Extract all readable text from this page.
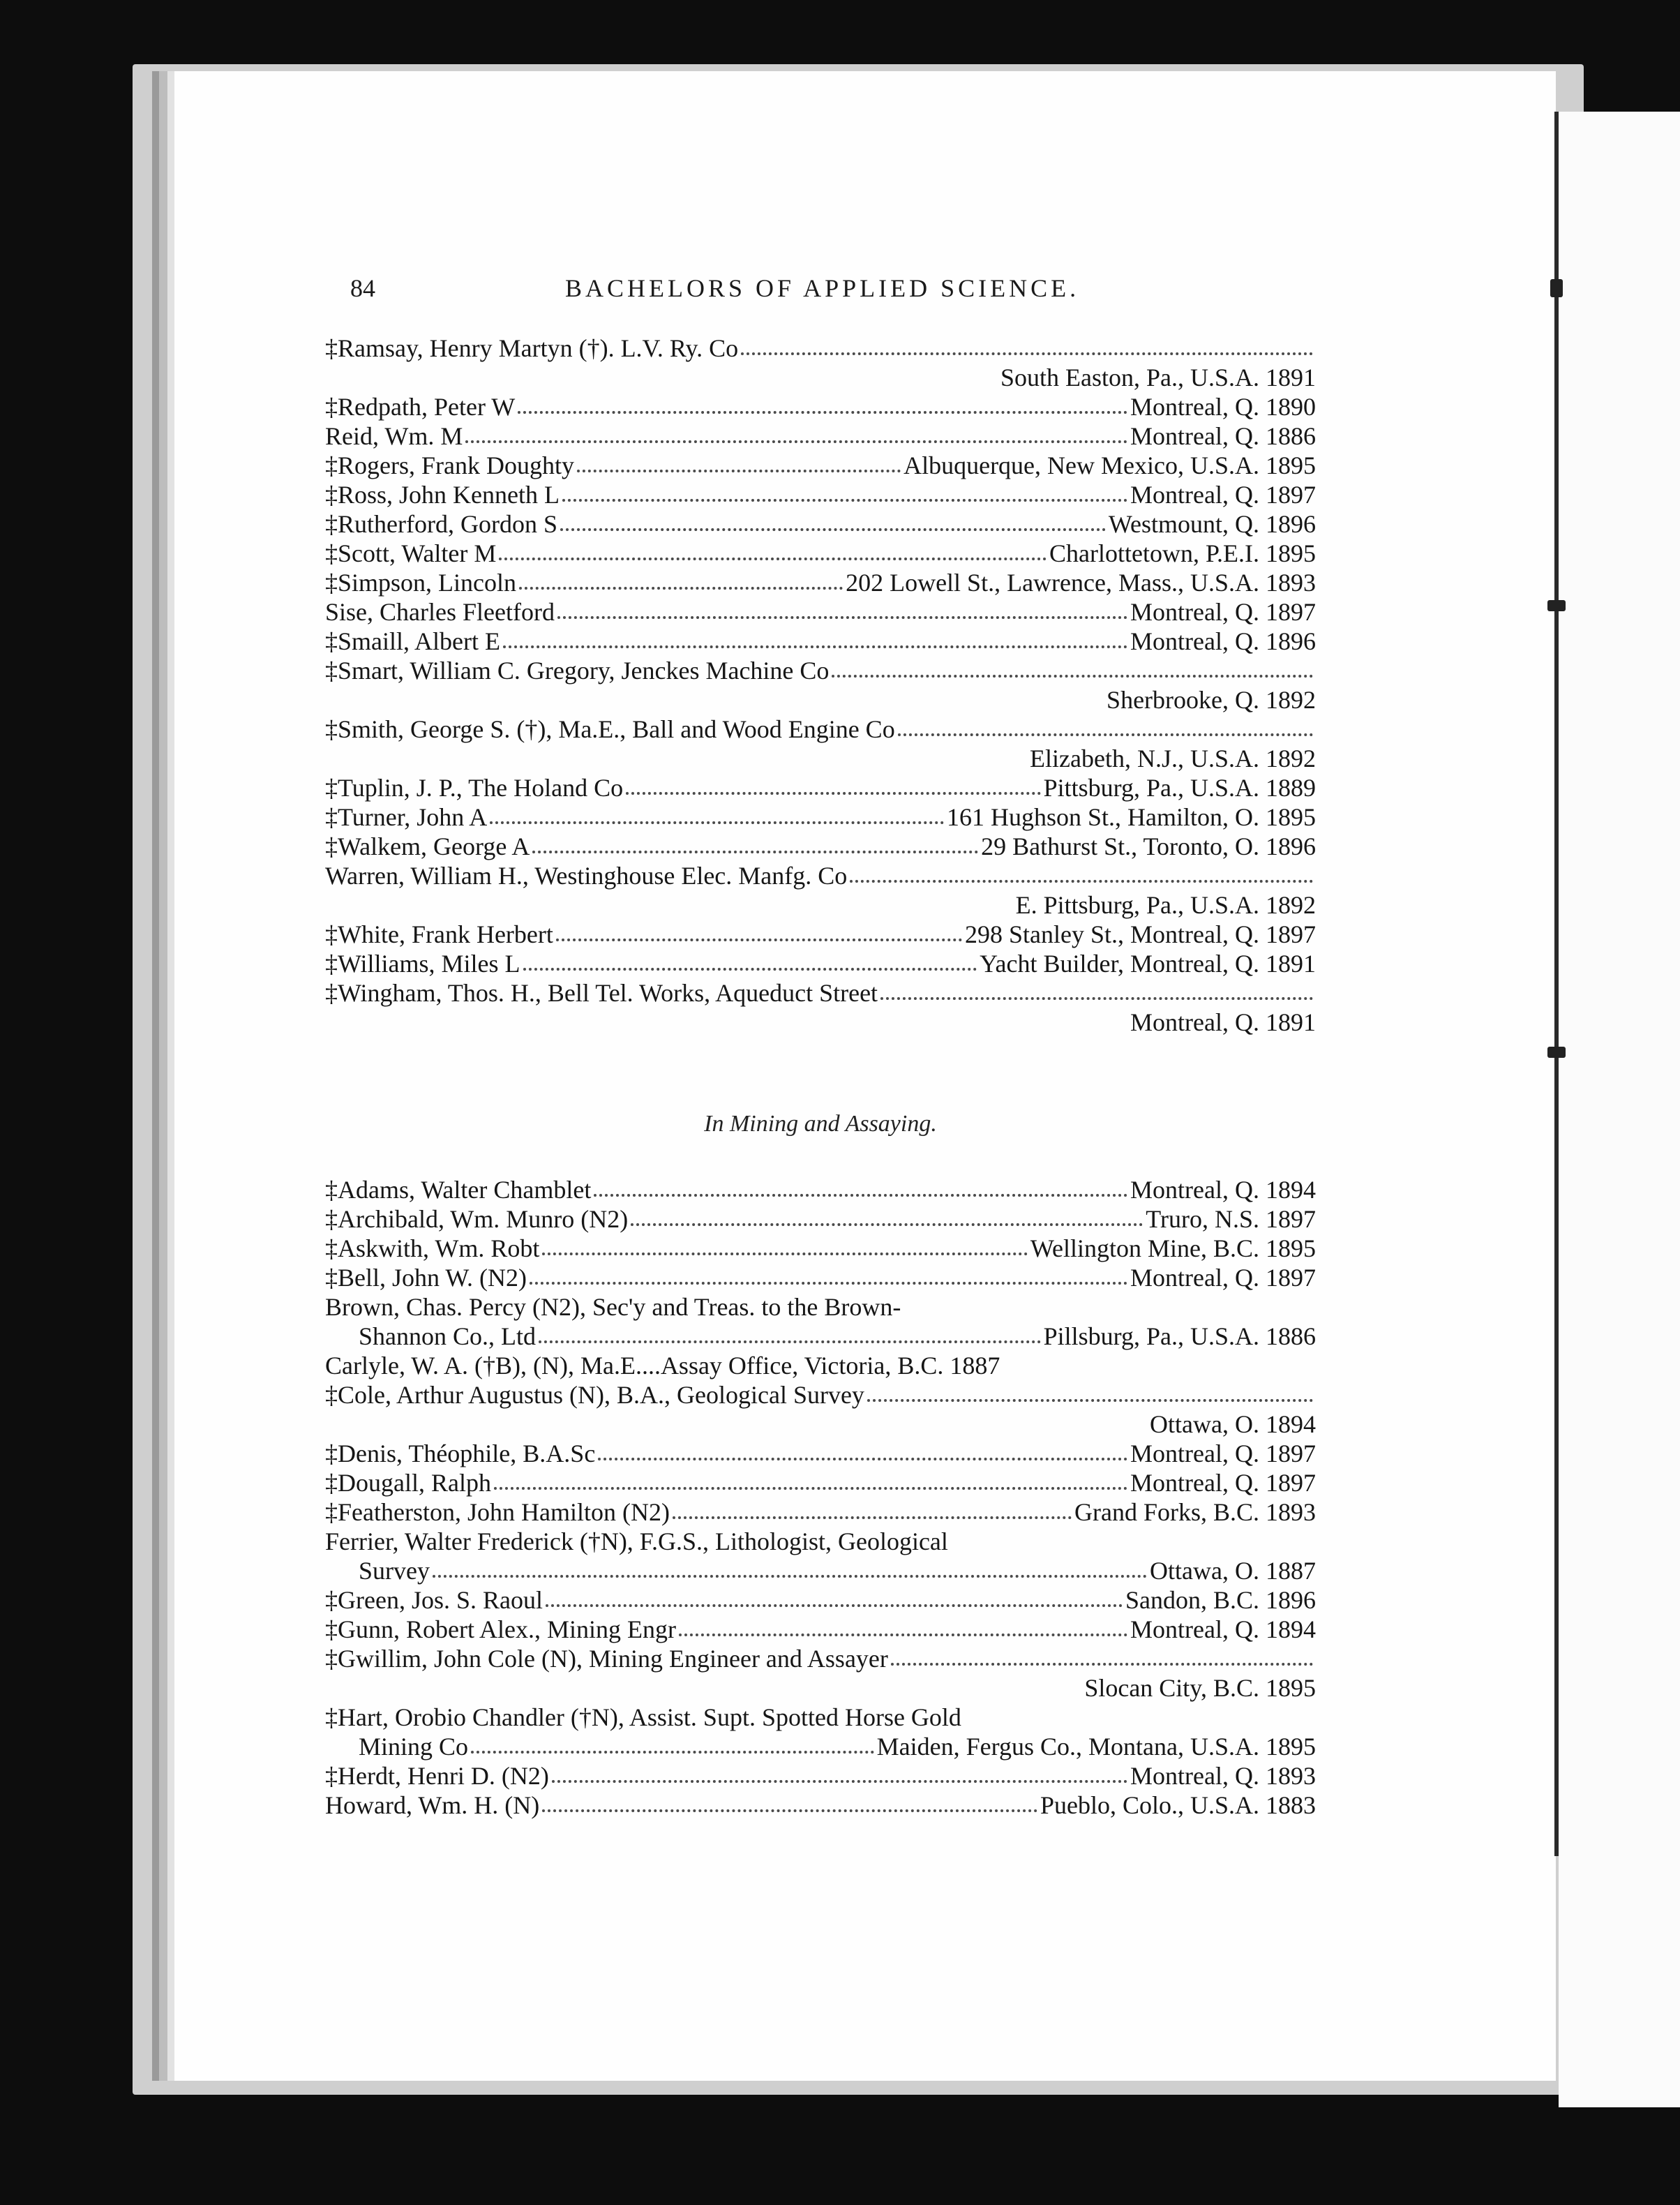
84	BACHELORS OF APPLIED SCIENCE.
‡Ramsay, Henry Martyn (†). L.V. Ry. Co
South Easton, Pa., U.S.A. 1891
‡Redpath, Peter W	Montreal, Q. 1890
Reid, Wm. M	Montreal, Q. 1886
‡Rogers, Frank Doughty	Albuquerque, New Mexico, U.S.A. 1895
‡Ross, John Kenneth L	Montreal, Q. 1897
‡Rutherford, Gordon S	Westmount, Q. 1896
‡Scott, Walter M	Charlottetown, P.E.I. 1895
‡Simpson, Lincoln	202 Lowell St., Lawrence, Mass., U.S.A. 1893
Sise, Charles Fleetford	Montreal, Q. 1897
‡Smaill, Albert E	Montreal, Q. 1896
‡Smart, William C. Gregory, Jenckes Machine Co
Sherbrooke, Q. 1892
‡Smith, George S. (†), Ma.E., Ball and Wood Engine Co
Elizabeth, N.J., U.S.A. 1892
‡Tuplin, J. P., The Holand Co	Pittsburg, Pa., U.S.A. 1889
‡Turner, John A	161 Hughson St., Hamilton, O. 1895
‡Walkem, George A	29 Bathurst St., Toronto, O. 1896
Warren, William H., Westinghouse Elec. Manfg. Co
E. Pittsburg, Pa., U.S.A. 1892
‡White, Frank Herbert	298 Stanley St., Montreal, Q. 1897
‡Williams, Miles L	Yacht Builder, Montreal, Q. 1891
‡Wingham, Thos. H., Bell Tel. Works, Aqueduct Street
Montreal, Q. 1891
In Mining and Assaying.
‡Adams, Walter Chamblet	Montreal, Q. 1894
‡Archibald, Wm. Munro (N2)	Truro, N.S. 1897
‡Askwith, Wm. Robt	Wellington Mine, B.C. 1895
‡Bell, John W. (N2)	Montreal, Q. 1897
Brown, Chas. Percy (N2), Sec'y and Treas. to the Brown-
Shannon Co., Ltd	Pillsburg, Pa., U.S.A. 1886
Carlyle, W. A. (†B), (N), Ma.E....Assay Office, Victoria, B.C. 1887
‡Cole, Arthur Augustus (N), B.A., Geological Survey
Ottawa, O. 1894
‡Denis, Théophile, B.A.Sc	Montreal, Q. 1897
‡Dougall, Ralph	Montreal, Q. 1897
‡Featherston, John Hamilton (N2)	Grand Forks, B.C. 1893
Ferrier, Walter Frederick (†N), F.G.S., Lithologist, Geological
Survey	Ottawa, O. 1887
‡Green, Jos. S. Raoul	Sandon, B.C. 1896
‡Gunn, Robert Alex., Mining Engr	Montreal, Q. 1894
‡Gwillim, John Cole (N), Mining Engineer and Assayer
Slocan City, B.C. 1895
‡Hart, Orobio Chandler (†N), Assist. Supt. Spotted Horse Gold
Mining Co	Maiden, Fergus Co., Montana, U.S.A. 1895
‡Herdt, Henri D. (N2)	Montreal, Q. 1893
Howard, Wm. H. (N)	Pueblo, Colo., U.S.A. 1883
